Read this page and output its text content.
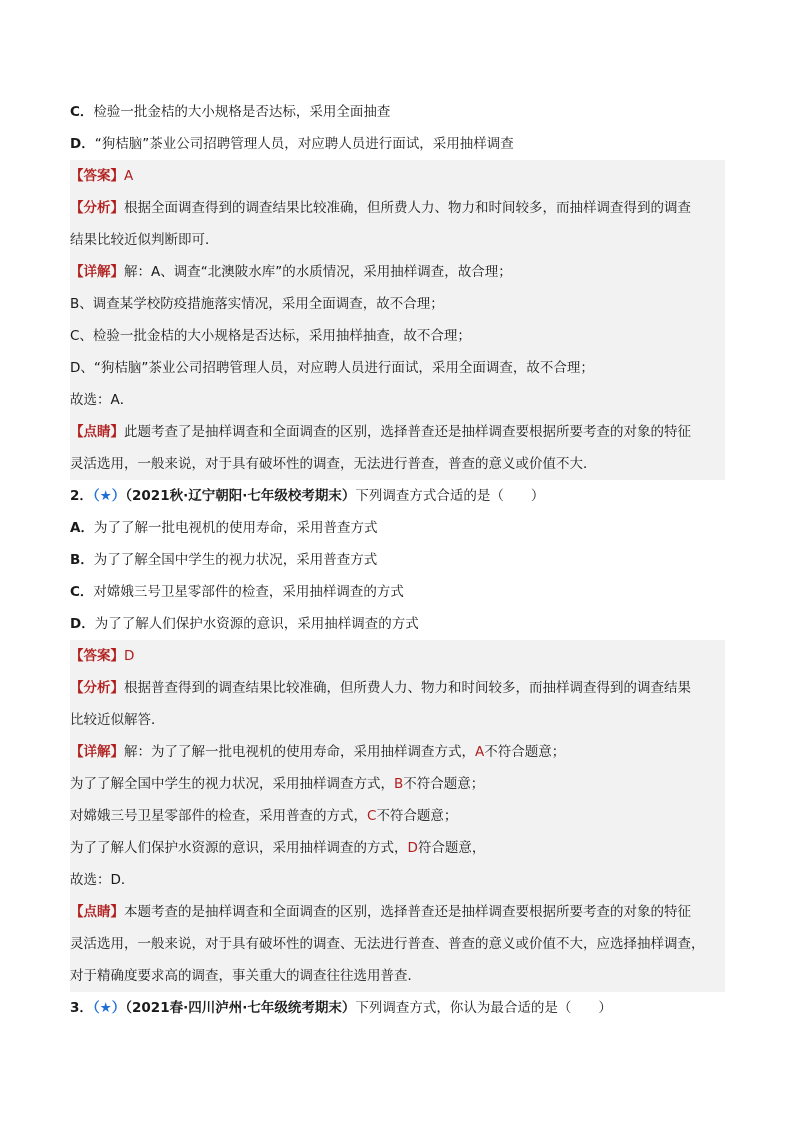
C．检验一批金桔的大小规格是否达标，采用全面抽查
D．“狗桔脑”茶业公司招聘管理人员，对应聘人员进行面试，采用抽样调查
【答案】A
【分析】根据全面调查得到的调查结果比较准确，但所费人力、物力和时间较多，而抽样调查得到的调查
结果比较近似判断即可．
【详解】解：A、调查“北澳陂水库”的水质情况，采用抽样调查，故合理；
B、调查某学校防疫措施落实情况，采用全面调查，故不合理；
C、检验一批金桔的大小规格是否达标，采用抽样抽查，故不合理；
D、“狗桔脑”茶业公司招聘管理人员，对应聘人员进行面试，采用全面调查，故不合理；
故选：A．
【点睛】此题考查了是抽样调查和全面调查的区别，选择普查还是抽样调查要根据所要考查的对象的特征
灵活选用，一般来说，对于具有破坏性的调查，无法进行普查，普查的意义或价值不大．
2．（★）（2021秋·辽宁朝阳·七年级校考期末）下列调查方式合适的是（　　）
A．为了了解一批电视机的使用寿命，采用普查方式
B．为了了解全国中学生的视力状况，采用普查方式
C．对嫦娥三号卫星零部件的检查，采用抽样调查的方式
D．为了了解人们保护水资源的意识，采用抽样调查的方式
【答案】D
【分析】根据普查得到的调查结果比较准确，但所费人力、物力和时间较多，而抽样调查得到的调查结果
比较近似解答．
【详解】解：为了了解一批电视机的使用寿命，采用抽样调查方式，A不符合题意；
为了了解全国中学生的视力状况，采用抽样调查方式，B不符合题意；
对嫦娥三号卫星零部件的检查，采用普查的方式，C不符合题意；
为了了解人们保护水资源的意识，采用抽样调查的方式，D符合题意，
故选：D．
【点睛】本题考查的是抽样调查和全面调查的区别，选择普查还是抽样调查要根据所要考查的对象的特征
灵活选用，一般来说，对于具有破坏性的调查、无法进行普查、普查的意义或价值不大，应选择抽样调查，
对于精确度要求高的调查，事关重大的调查往往选用普查．
3．（★）（2021春·四川泸州·七年级统考期末）下列调查方式，你认为最合适的是（　　）
